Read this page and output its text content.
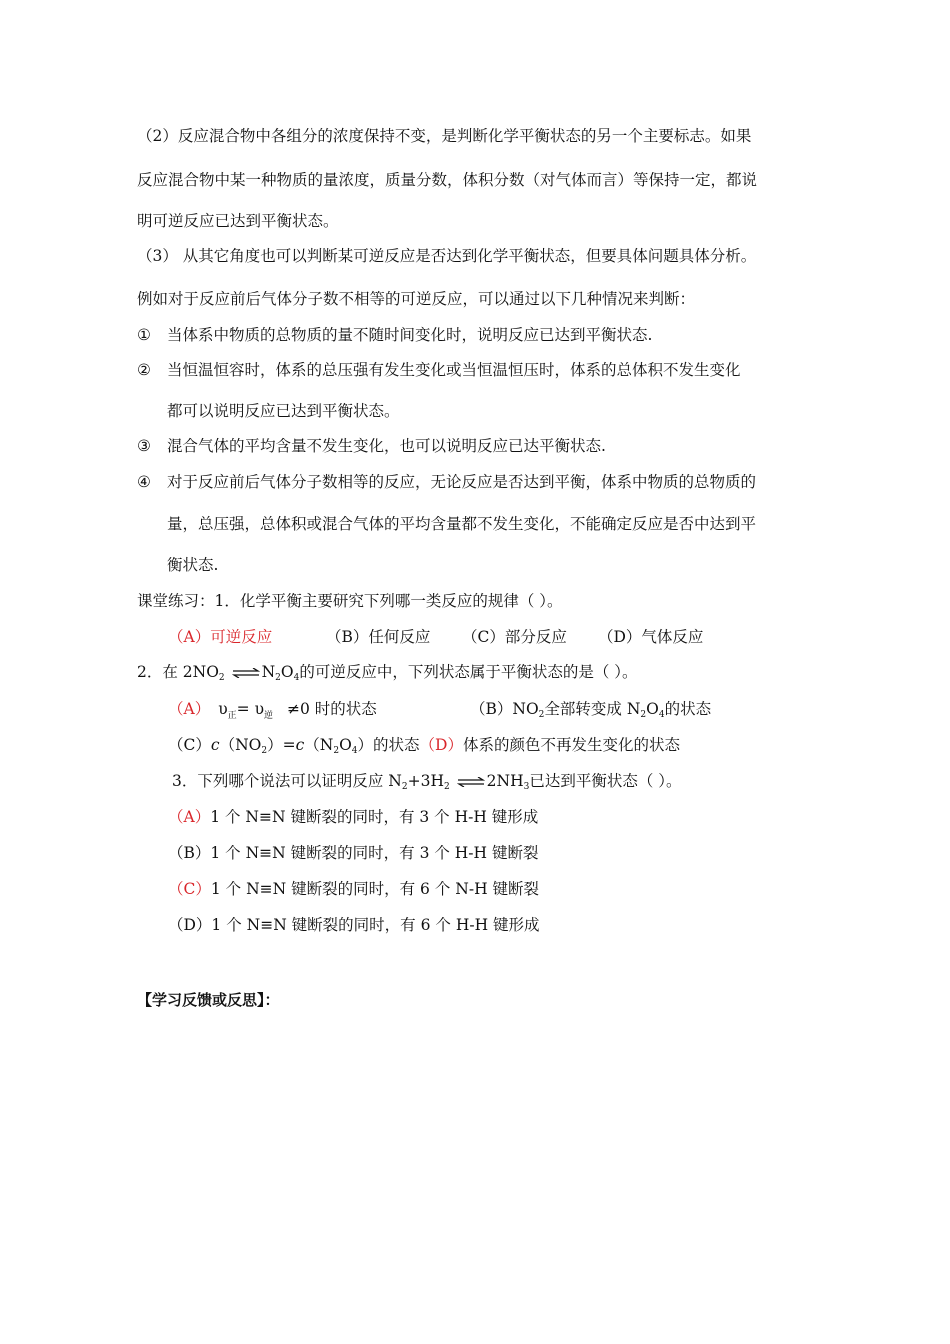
（2）反应混合物中各组分的浓度保持不变，是判断化学平衡状态的另一个主要标志。如果
反应混合物中某一种物质的量浓度，质量分数，体积分数（对气体而言）等保持一定，都说
明可逆反应已达到平衡状态。
（3） 从其它角度也可以判断某可逆反应是否达到化学平衡状态，但要具体问题具体分析。
例如对于反应前后气体分子数不相等的可逆反应，可以通过以下几种情况来判断：
① 当体系中物质的总物质的量不随时间变化时，说明反应已达到平衡状态.
② 当恒温恒容时，体系的总压强有发生变化或当恒温恒压时，体系的总体积不发生变化
都可以说明反应已达到平衡状态。
③ 混合气体的平均含量不发生变化，也可以说明反应已达平衡状态.
④ 对于反应前后气体分子数相等的反应，无论反应是否达到平衡，体系中物质的总物质的
量，总压强，总体积或混合气体的平均含量都不发生变化，不能确定反应是否中达到平
衡状态.
课堂练习：1．化学平衡主要研究下列哪一类反应的规律（ ）。
（A）可逆反应	（B）任何反应 （C）部分反应 （D）气体反应
2．在 $2NO_2$ ⇌ $N_2O_4$的可逆反应中，下列状态属于平衡状态的是（ ）。
（A） $\upsilon_正= \upsilon_逆 \ne 0$ 时的状态	$(B)NO_2$全部转变成 $N_2O_4$的状态
$(C)c(NO_2)=c(N_2O_4)$的状态（D）体系的颜色不再发生变化的状态
3．下列哪个说法可以证明反应 $N_2+3H_2$ ⇌ $2NH_3$已达到平衡状态（ ）。
（A）1 个 N≡N 键断裂的同时，有 3 个 H-H 键形成
（B）1 个 N≡N 键断裂的同时，有 3 个 H-H 键断裂
（C）1 个 N≡N 键断裂的同时，有 6 个 N-H 键断裂
（D）1 个 N≡N 键断裂的同时，有 6 个 H-H 键形成
【学习反馈或反思】：
